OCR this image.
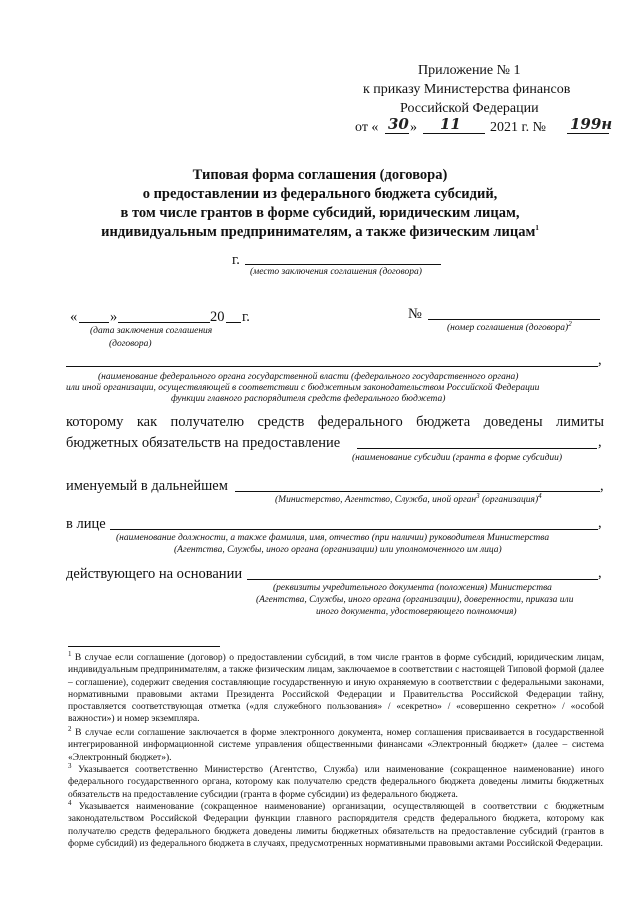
Приложение № 1
к приказу Министерства финансов
Российской Федерации
от « 30 » 11 2021 г. № 199н
Типовая форма соглашения (договора)
о предоставлении из федерального бюджета субсидий,
в том числе грантов в форме субсидий, юридическим лицам,
индивидуальным предпринимателям, а также физическим лицам$^1$
г.
(место заключения соглашения (договора)
« »	20 г.
(дата заключения соглашения
(договора)
№
(номер соглашения (договора)$^2$
,
(наименование федерального органа государственной власти (федерального государственного органа)
или иной организации, осуществляющей в соответствии с бюджетным законодательством Российской Федерации
функции главного распорядителя средств федерального бюджета)
которому как получателю средств федерального бюджета доведены лимиты
бюджетных обязательств на предоставление	,
(наименование субсидии (гранта в форме субсидии)
именуемый в дальнейшем	,
(Министерство, Агентство, Служба, иной орган$^3$ (организация)$^4$
в лице	,
(наименование должности, а также фамилия, имя, отчество (при наличии) руководителя Министерства
(Агентства, Службы, иного органа (организации) или уполномоченного им лица)
действующего на основании	,
(реквизиты учредительного документа (положения) Министерства
(Агентства, Службы, иного органа (организации), доверенности, приказа или
иного документа, удостоверяющего полномочия)
$^1$ В случае если соглашение (договор) о предоставлении субсидий, в том числе грантов в форме субсидий, юридическим лицам, индивидуальным предпринимателям, а также физическим лицам, заключаемое в соответствии с настоящей Типовой формой (далее – соглашение), содержит сведения составляющие государственную и иную охраняемую в соответствии с федеральными законами, нормативными правовыми актами Президента Российской Федерации и Правительства Российской Федерации тайну, проставляется соответствующая отметка («для служебного пользования» / «секретно» / «совершенно секретно» / «особой важности») и номер экземпляра.
$^2$ В случае если соглашение заключается в форме электронного документа, номер соглашения присваивается в государственной интегрированной информационной системе управления общественными финансами «Электронный бюджет» (далее – система «Электронный бюджет»).
$^3$ Указывается соответственно Министерство (Агентство, Служба) или наименование (сокращенное наименование) иного федерального государственного органа, которому как получателю средств федерального бюджета доведены лимиты бюджетных обязательств на предоставление субсидии (гранта в форме субсидии) из федерального бюджета.
$^4$ Указывается наименование (сокращенное наименование) организации, осуществляющей в соответствии с бюджетным законодательством Российской Федерации функции главного распорядителя средств федерального бюджета, которому как получателю средств федерального бюджета доведены лимиты бюджетных обязательств на предоставление субсидий (грантов в форме субсидий) из федерального бюджета в случаях, предусмотренных нормативными правовыми актами Российской Федерации.
